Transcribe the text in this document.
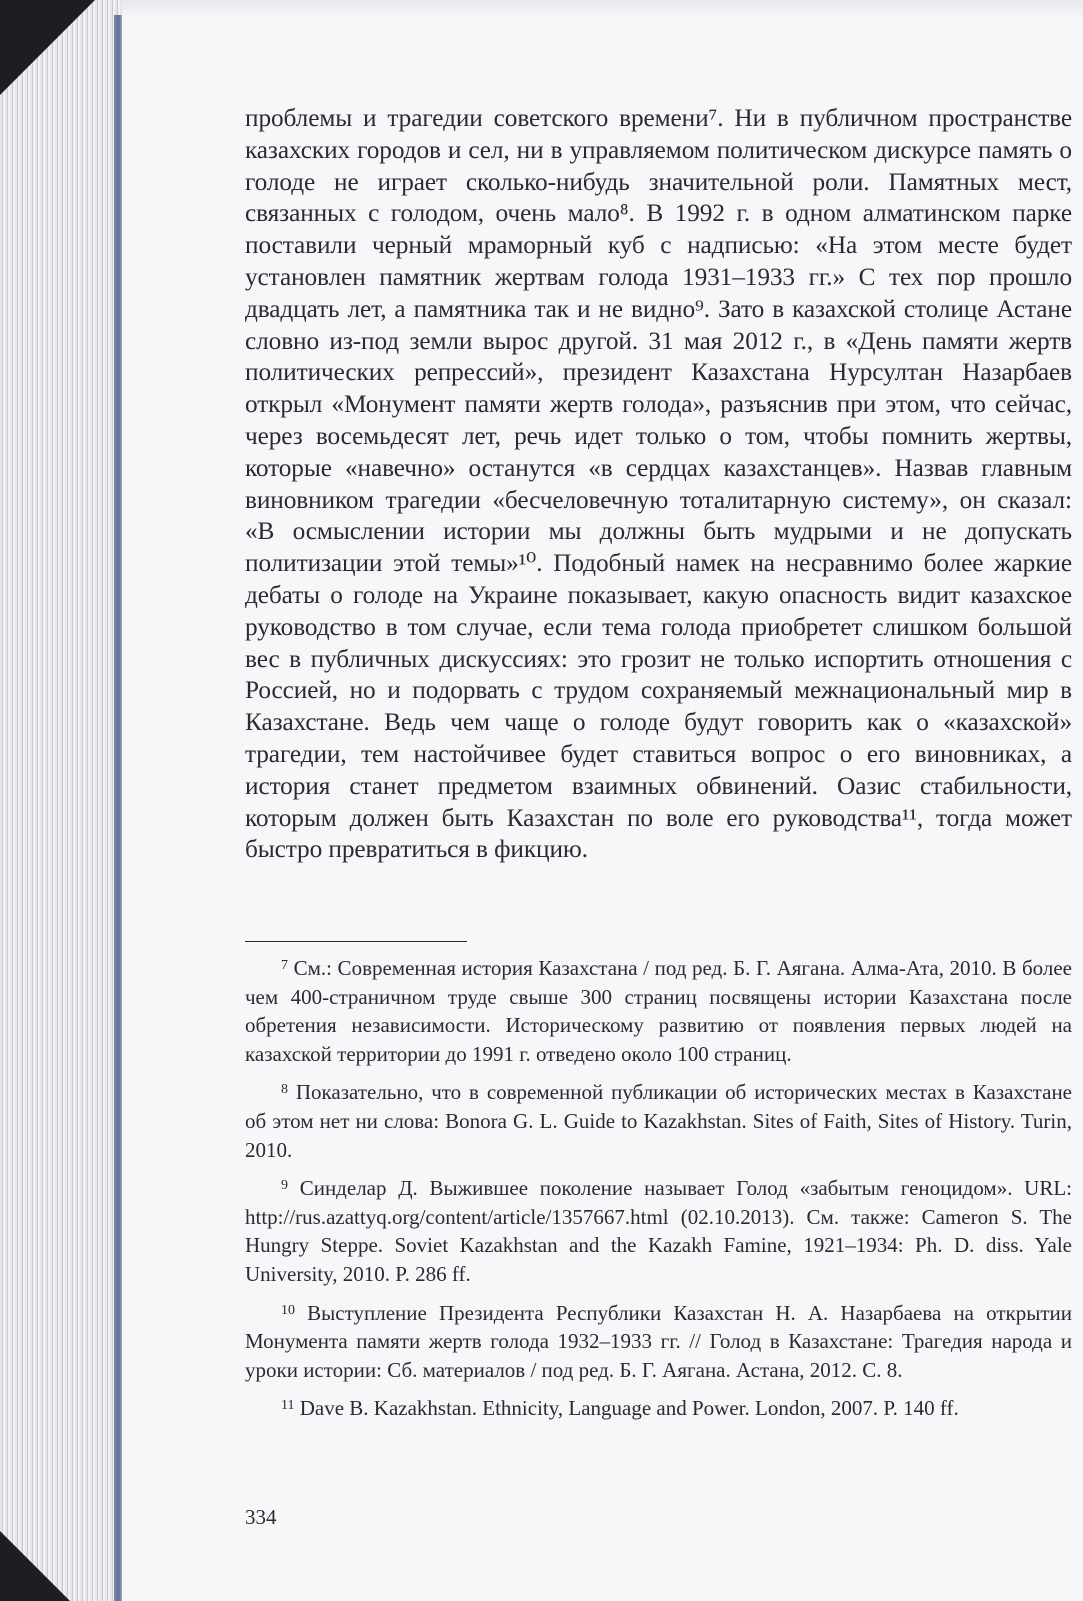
проблемы и трагедии советского времени⁷. Ни в публичном пространстве казахских городов и сел, ни в управляемом политическом дискурсе память о голоде не играет сколько-нибудь значительной роли. Памятных мест, связанных с голодом, очень мало⁸. В 1992 г. в одном алматинском парке поставили черный мраморный куб с надписью: «На этом месте будет установлен памятник жертвам голода 1931–1933 гг.» С тех пор прошло двадцать лет, а памятника так и не видно⁹. Зато в казахской столице Астане словно из-под земли вырос другой. 31 мая 2012 г., в «День памяти жертв политических репрессий», президент Казахстана Нурсултан Назарбаев открыл «Монумент памяти жертв голода», разъяснив при этом, что сейчас, через восемьдесят лет, речь идет только о том, чтобы помнить жертвы, которые «навечно» останутся «в сердцах казахстанцев». Назвав главным виновником трагедии «бесчеловечную тоталитарную систему», он сказал: «В осмыслении истории мы должны быть мудрыми и не допускать политизации этой темы»¹⁰. Подобный намек на несравнимо более жаркие дебаты о голоде на Украине показывает, какую опасность видит казахское руководство в том случае, если тема голода приобретет слишком большой вес в публичных дискуссиях: это грозит не только испортить отношения с Россией, но и подорвать с трудом сохраняемый межнациональный мир в Казахстане. Ведь чем чаще о голоде будут говорить как о «казахской» трагедии, тем настойчивее будет ставиться вопрос о его виновниках, а история станет предметом взаимных обвинений. Оазис стабильности, которым должен быть Казахстан по воле его руководства¹¹, тогда может быстро превратиться в фикцию.

$^7$ См.: Современная история Казахстана / под ред. Б. Г. Аягана. Алма-Ата, 2010. В более чем 400-страничном труде свыше 300 страниц посвящены истории Казахстана после обретения независимости. Историческому развитию от появления первых людей на казахской территории до 1991 г. отведено около 100 страниц.

$^8$ Показательно, что в современной публикации об исторических местах в Казахстане об этом нет ни слова: Bonora G. L. Guide to Kazakhstan. Sites of Faith, Sites of History. Turin, 2010.

$^9$ Синделар Д. Выжившее поколение называет Голод «забытым геноцидом». URL: http://rus.azattyq.org/content/article/1357667.html (02.10.2013). См. также: Cameron S. The Hungry Steppe. Soviet Kazakhstan and the Kazakh Famine, 1921–1934: Ph. D. diss. Yale University, 2010. P. 286 ff.

$^{10}$ Выступление Президента Республики Казахстан Н. А. Назарбаева на открытии Монумента памяти жертв голода 1932–1933 гг. // Голод в Казахстане: Трагедия народа и уроки истории: Сб. материалов / под ред. Б. Г. Аягана. Астана, 2012. С. 8.

$^{11}$ Dave B. Kazakhstan. Ethnicity, Language and Power. London, 2007. P. 140 ff.

334
